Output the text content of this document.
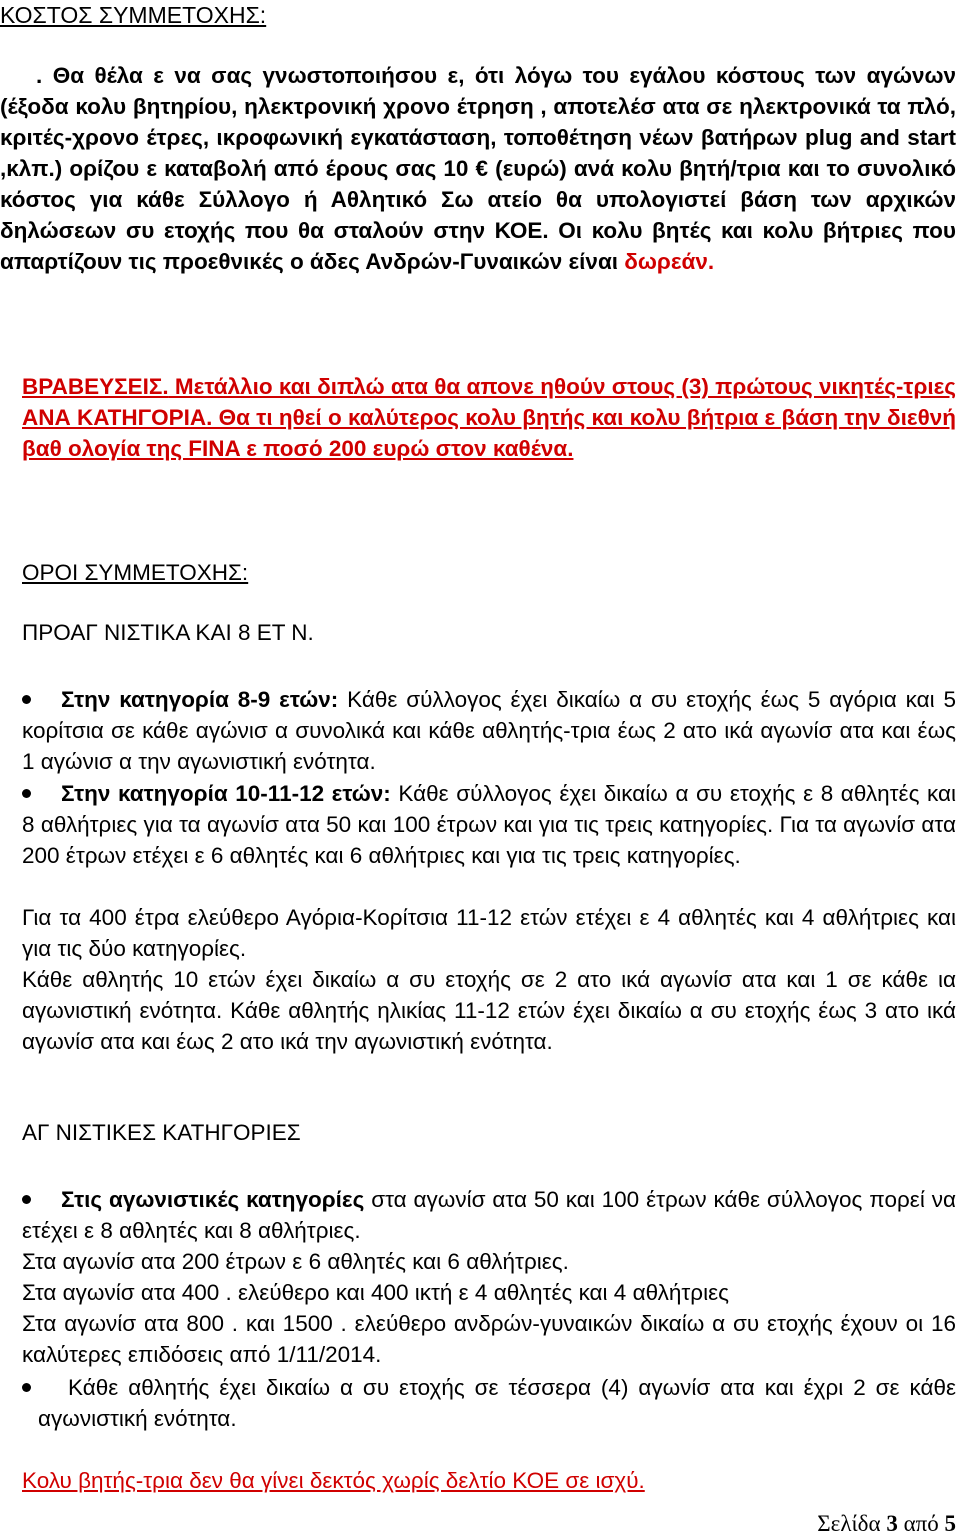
ΚΟΣΤΟΣ ΣΥΜΜΕΤΟΧΗΣ:
. Θα θέλα ε να σας γνωστοποιήσου ε, ότι λόγω του εγάλου κόστους των αγώνων (έξοδα κολυ βητηρίου, ηλεκτρονική χρονο έτρηση , αποτελέσ ατα σε ηλεκτρονικά τα πλό, κριτές-χρονο έτρες, ικροφωνική εγκατάσταση, τοποθέτηση νέων βατήρων plug and start ,κλπ.) ορίζου ε καταβολή από έρους σας 10 € (ευρώ) ανά κολυ βητή/τρια και το συνολικό κόστος για κάθε Σύλλογο ή Αθλητικό Σω ατείο θα υπολογιστεί βάση των αρχικών δηλώσεων συ ετοχής που θα σταλούν στην ΚΟΕ. Οι κολυ βητές και κολυ βήτριες που απαρτίζουν τις προεθνικές ο άδες Ανδρών-Γυναικών είναι δωρεάν.
ΒΡΑΒΕΥΣΕΙΣ. Μετάλλιο και διπλώ ατα θα απονε ηθούν στους (3) πρώτους νικητές-τριες ΑΝΑ ΚΑΤΗΓΟΡΙΑ. Θα τι ηθεί ο καλύτερος κολυ βητής και κολυ βήτρια ε βάση την διεθνή βαθ ολογία της FINA ε ποσό 200 ευρώ στον καθένα.
ΟΡΟΙ ΣΥΜΜΕΤΟΧΗΣ:
ΠΡΟΑΓ ΝΙΣΤΙΚΑ ΚΑΙ 8 ΕΤ Ν.
Στην κατηγορία 8-9 ετών: Κάθε σύλλογος έχει δικαίω α συ ετοχής έως 5 αγόρια και 5 κορίτσια σε κάθε αγώνισ α συνολικά και κάθε αθλητής-τρια έως 2 ατο ικά αγωνίσ ατα και έως 1 αγώνισ α την αγωνιστική ενότητα.
Στην κατηγορία 10-11-12 ετών: Κάθε σύλλογος έχει δικαίω α συ ετοχής ε 8 αθλητές και 8 αθλήτριες για τα αγωνίσ ατα 50 και 100 έτρων και για τις τρεις κατηγορίες. Για τα αγωνίσ ατα 200 έτρων ετέχει ε 6 αθλητές και 6 αθλήτριες και για τις τρεις κατηγορίες.
Για τα 400 έτρα ελεύθερο Αγόρια-Κορίτσια 11-12 ετών ετέχει ε 4 αθλητές και 4 αθλήτριες και για τις δύο κατηγορίες.
Κάθε αθλητής 10 ετών έχει δικαίω α συ ετοχής σε 2 ατο ικά αγωνίσ ατα και 1 σε κάθε ια αγωνιστική ενότητα. Κάθε αθλητής ηλικίας 11-12 ετών έχει δικαίω α συ ετοχής έως 3 ατο ικά αγωνίσ ατα και έως 2 ατο ικά την αγωνιστική ενότητα.
ΑΓ ΝΙΣΤΙΚΕΣ ΚΑΤΗΓΟΡΙΕΣ
Στις αγωνιστικές κατηγορίες στα αγωνίσ ατα 50 και 100 έτρων κάθε σύλλογος πορεί να ετέχει ε 8 αθλητές και 8 αθλήτριες.
Στα αγωνίσ ατα 200 έτρων ε 6 αθλητές και 6 αθλήτριες.
Στα αγωνίσ ατα 400 . ελεύθερο και 400 ικτή ε 4 αθλητές και 4 αθλήτριες
Στα αγωνίσ ατα 800 . και 1500 . ελεύθερο ανδρών-γυναικών δικαίω α συ ετοχής έχουν οι 16 καλύτερες επιδόσεις από 1/11/2014.
Κάθε αθλητής έχει δικαίω α συ ετοχής σε τέσσερα (4) αγωνίσ ατα και έχρι 2 σε κάθε αγωνιστική ενότητα.
Κολυ βητής-τρια δεν θα γίνει δεκτός χωρίς δελτίο ΚΟΕ σε ισχύ.
Σελίδα 3 από 5
